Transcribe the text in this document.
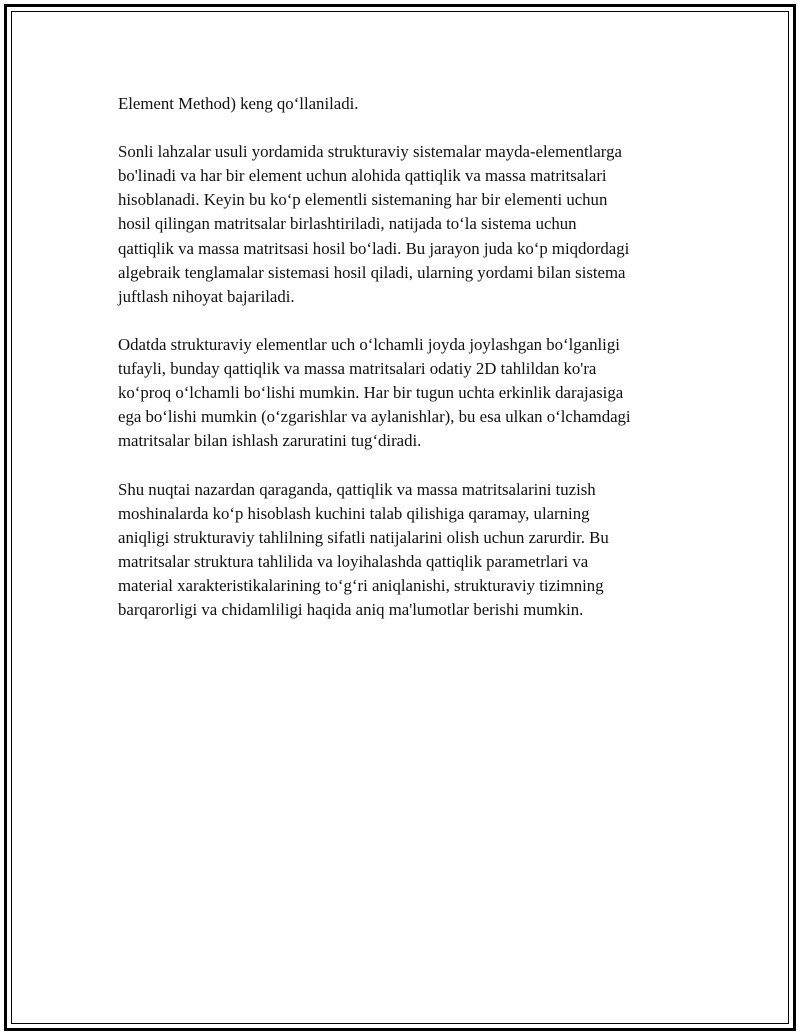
Element Method) keng qo‘llaniladi.

Sonli lahzalar usuli yordamida strukturaviy sistemalar mayda-elementlarga
bo'linadi va har bir element uchun alohida qattiqlik va massa matritsalari
hisoblanadi. Keyin bu ko‘p elementli sistemaning har bir elementi uchun
hosil qilingan matritsalar birlashtiriladi, natijada to‘la sistema uchun
qattiqlik va massa matritsasi hosil bo‘ladi. Bu jarayon juda ko‘p miqdordagi
algebraik tenglamalar sistemasi hosil qiladi, ularning yordami bilan sistema
juftlash nihoyat bajariladi.

Odatda strukturaviy elementlar uch o‘lchamli joyda joylashgan bo‘lganligi
tufayli, bunday qattiqlik va massa matritsalari odatiy 2D tahlildan ko'ra
ko‘proq o‘lchamli bo‘lishi mumkin. Har bir tugun uchta erkinlik darajasiga
ega bo‘lishi mumkin (o‘zgarishlar va aylanishlar), bu esa ulkan o‘lchamdagi
matritsalar bilan ishlash zaruratini tug‘diradi.

Shu nuqtai nazardan qaraganda, qattiqlik va massa matritsalarini tuzish
moshinalarda ko‘p hisoblash kuchini talab qilishiga qaramay, ularning
aniqligi strukturaviy tahlilning sifatli natijalarini olish uchun zarurdir. Bu
matritsalar struktura tahlilida va loyihalashda qattiqlik parametrlari va
material xarakteristikalarining to‘g‘ri aniqlanishi, strukturaviy tizimning
barqarorligi va chidamliligi haqida aniq ma'lumotlar berishi mumkin.
